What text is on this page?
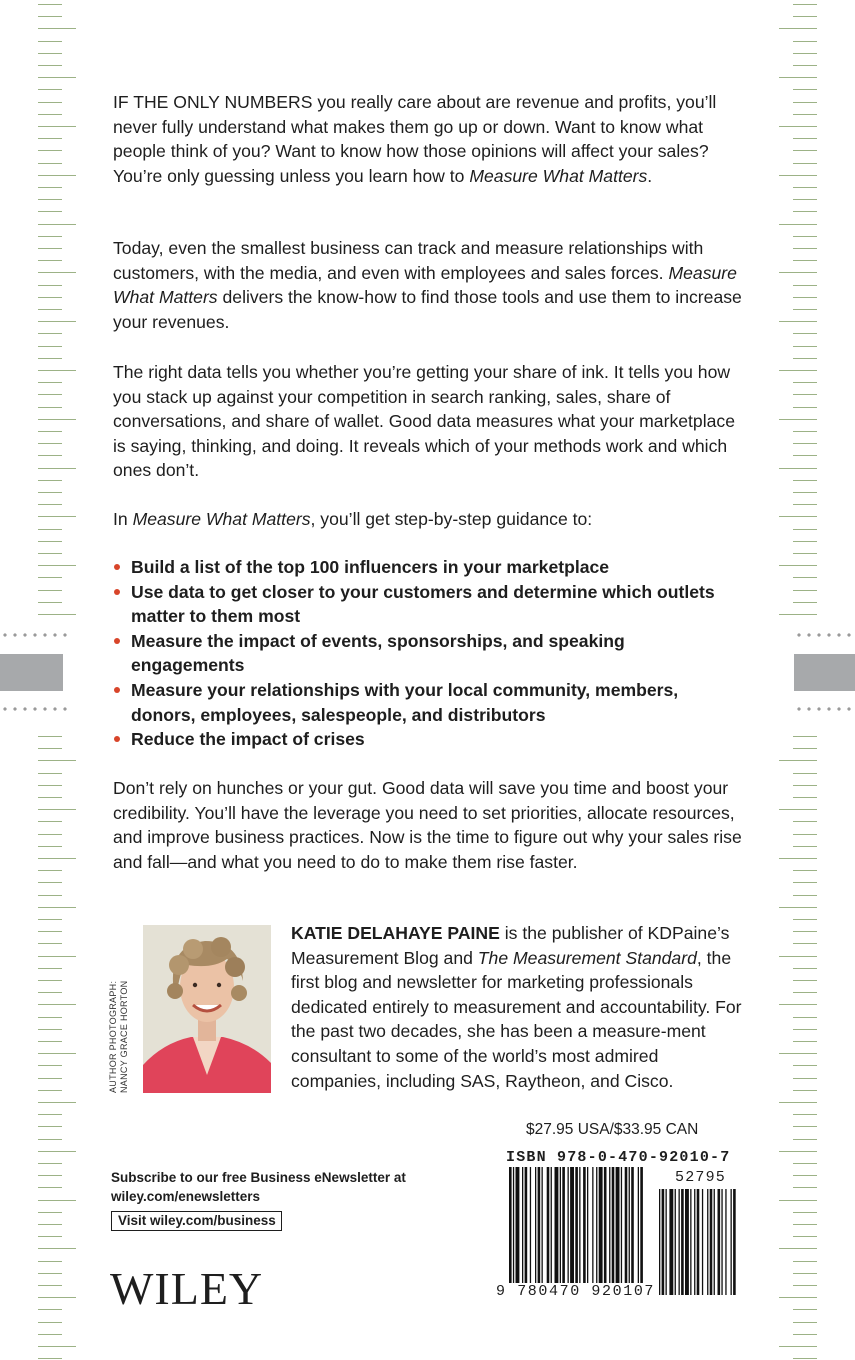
IF THE ONLY NUMBERS you really care about are revenue and profits, you’ll never fully understand what makes them go up or down. Want to know what people think of you? Want to know how those opinions will affect your sales? You’re only guessing unless you learn how to Measure What Matters.

Today, even the smallest business can track and measure relationships with customers, with the media, and even with employees and sales forces. Measure What Matters delivers the know-how to find those tools and use them to increase your revenues.

The right data tells you whether you’re getting your share of ink. It tells you how you stack up against your competition in search ranking, sales, share of conversations, and share of wallet. Good data measures what your marketplace is saying, thinking, and doing. It reveals which of your methods work and which ones don’t.

In Measure What Matters, you’ll get step-by-step guidance to:

Build a list of the top 100 influencers in your marketplace
Use data to get closer to your customers and determine which outlets matter to them most
Measure the impact of events, sponsorships, and speaking engagements
Measure your relationships with your local community, members, donors, employees, salespeople, and distributors
Reduce the impact of crises

Don’t rely on hunches or your gut. Good data will save you time and boost your credibility. You’ll have the leverage you need to set priorities, allocate resources, and improve business practices. Now is the time to figure out why your sales rise and fall—and what you need to do to make them rise faster.

AUTHOR PHOTOGRAPH: NANCY GRACE HORTON
KATIE DELAHAYE PAINE is the publisher of KDPaine’s Measurement Blog and The Measurement Standard, the first blog and newsletter for marketing professionals dedicated entirely to measurement and accountability. For the past two decades, she has been a measure-ment consultant to some of the world’s most admired companies, including SAS, Raytheon, and Cisco.
$27.95 USA/$33.95 CAN
ISBN 978-0-470-92010-7
52795
9 780470 920107
Subscribe to our free Business eNewsletter at
wiley.com/enewsletters
Visit wiley.com/business
WILEY
